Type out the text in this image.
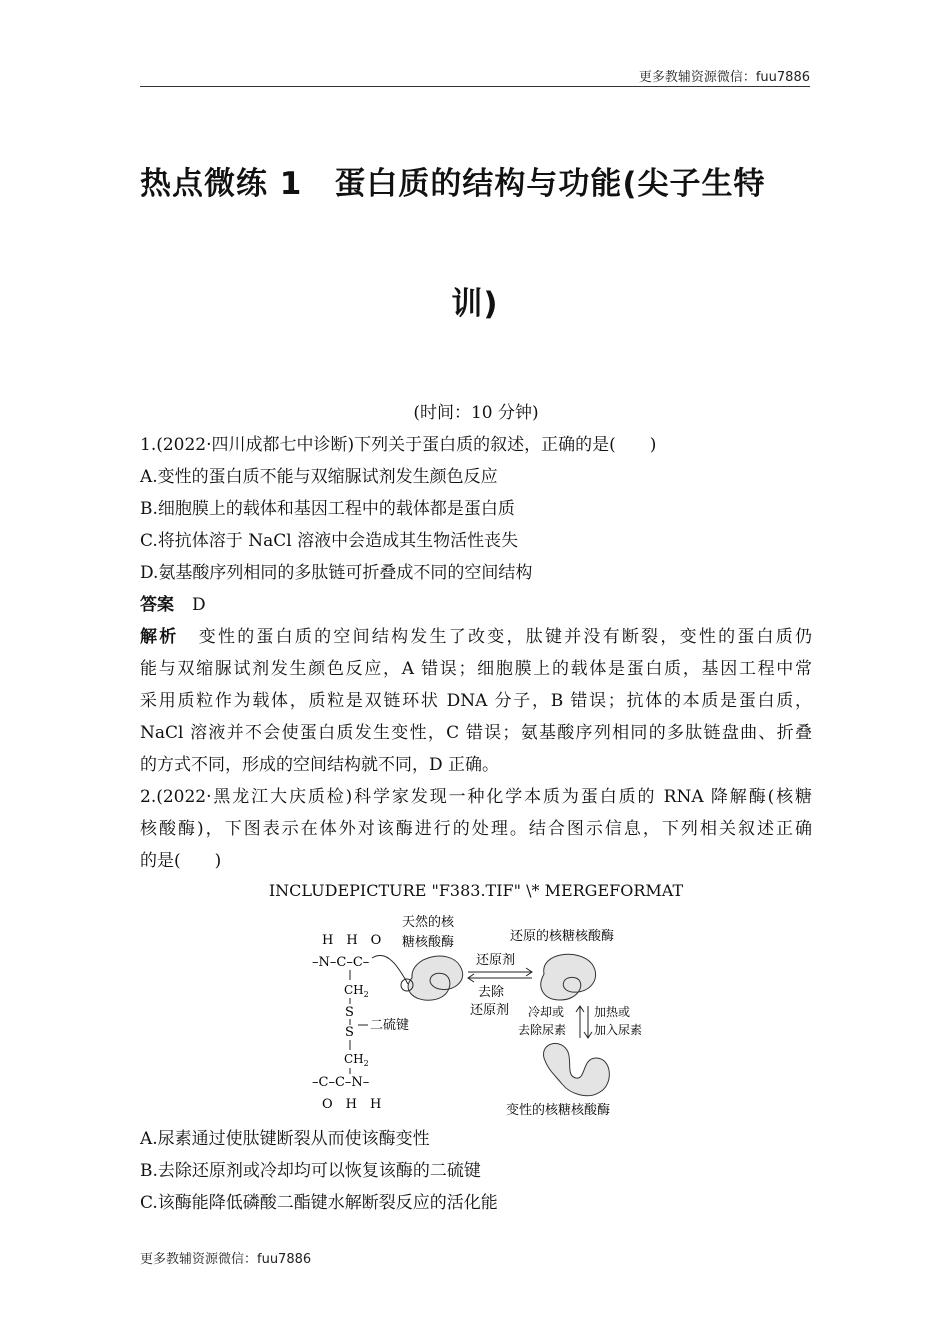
更多教辅资源微信：fuu7886
热点微练 1　蛋白质的结构与功能(尖子生特
训)
(时间：10 分钟)
1.(2022·四川成都七中诊断)下列关于蛋白质的叙述，正确的是(　　)
A.变性的蛋白质不能与双缩脲试剂发生颜色反应
B.细胞膜上的载体和基因工程中的载体都是蛋白质
C.将抗体溶于 NaCl 溶液中会造成其生物活性丧失
D.氨基酸序列相同的多肽链可折叠成不同的空间结构
答案 D
解析 变性的蛋白质的空间结构发生了改变，肽键并没有断裂，变性的蛋白质仍
能与双缩脲试剂发生颜色反应，A 错误；细胞膜上的载体是蛋白质，基因工程中常
采用质粒作为载体，质粒是双链环状 DNA 分子，B 错误；抗体的本质是蛋白质，
NaCl 溶液并不会使蛋白质发生变性，C 错误；氨基酸序列相同的多肽链盘曲、折叠
的方式不同，形成的空间结构就不同，D 正确。
2.(2022·黑龙江大庆质检)科学家发现一种化学本质为蛋白质的 RNA 降解酶(核糖
核酸酶)，下图表示在体外对该酶进行的处理。结合图示信息，下列相关叙述正确
的是(　　)
INCLUDEPICTURE "F383.TIF" \* MERGEFORMAT
H　H　O
–N–C–C–
$CH_2$
S
S 二硫键
$CH_2$
–C–C–N–
O　H　H
天然的核
糖核酸酶
还原剂
去除
还原剂
还原的核糖核酸酶
冷却或
去除尿素
加热或
加入尿素
变性的核糖核酸酶
A.尿素通过使肽键断裂从而使该酶变性
B.去除还原剂或冷却均可以恢复该酶的二硫键
C.该酶能降低磷酸二酯键水解断裂反应的活化能
更多教辅资源微信：fuu7886
